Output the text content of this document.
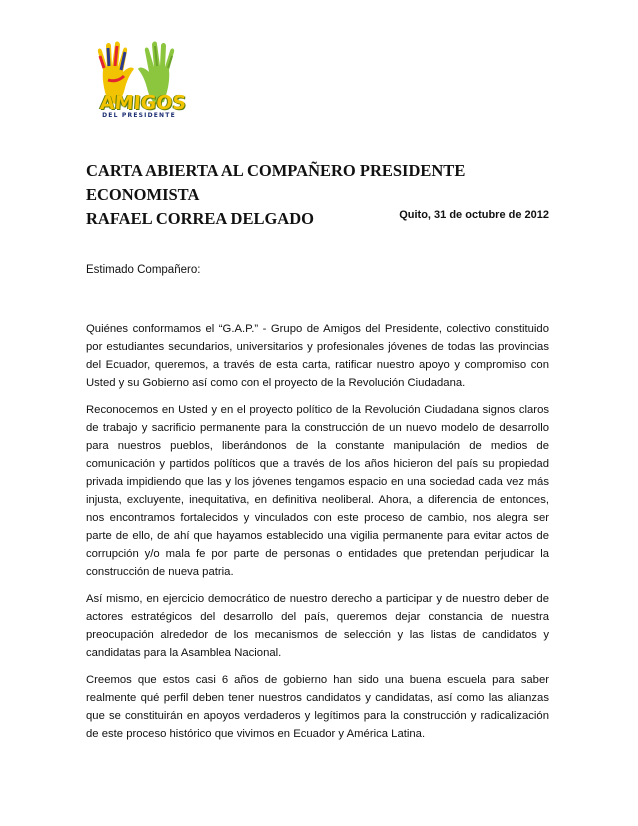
AMIGOS
DEL PRESIDENTE
CARTA ABIERTA AL COMPAÑERO PRESIDENTE ECONOMISTA
RAFAEL CORREA DELGADO	Quito, 31 de octubre de 2012
Estimado Compañero:

Quiénes conformamos el “G.A.P.” - Grupo de Amigos del Presidente, colectivo constituido por estudiantes secundarios, universitarios y profesionales jóvenes de todas las provincias del Ecuador, queremos, a través de esta carta, ratificar nuestro apoyo y compromiso con Usted y su Gobierno así como con el proyecto de la Revolución Ciudadana.

Reconocemos en Usted y en el proyecto político de la Revolución Ciudadana signos claros de trabajo y sacrificio permanente para la construcción de un nuevo modelo de desarrollo para nuestros pueblos, liberándonos de la constante manipulación de medios de comunicación y partidos políticos que a través de los años hicieron del país su propiedad privada impidiendo que las y los jóvenes tengamos espacio en una sociedad cada vez más injusta, excluyente, inequitativa, en definitiva neoliberal. Ahora, a diferencia de entonces, nos encontramos fortalecidos y vinculados con este proceso de cambio, nos alegra ser parte de ello, de ahí que hayamos establecido una vigilia permanente para evitar actos de corrupción y/o mala fe por parte de personas o entidades que pretendan perjudicar la construcción de nueva patria.

Así mismo, en ejercicio democrático de nuestro derecho a participar y de nuestro deber de actores estratégicos del desarrollo del país, queremos dejar constancia de nuestra preocupación alrededor de los mecanismos de selección y las listas de candidatos y candidatas para la Asamblea Nacional.

Creemos que estos casi 6 años de gobierno han sido una buena escuela para saber realmente qué perfil deben tener nuestros candidatos y candidatas, así como las alianzas que se constituirán en apoyos verdaderos y legítimos para la construcción y radicalización de este proceso histórico que vivimos en Ecuador y América Latina.
